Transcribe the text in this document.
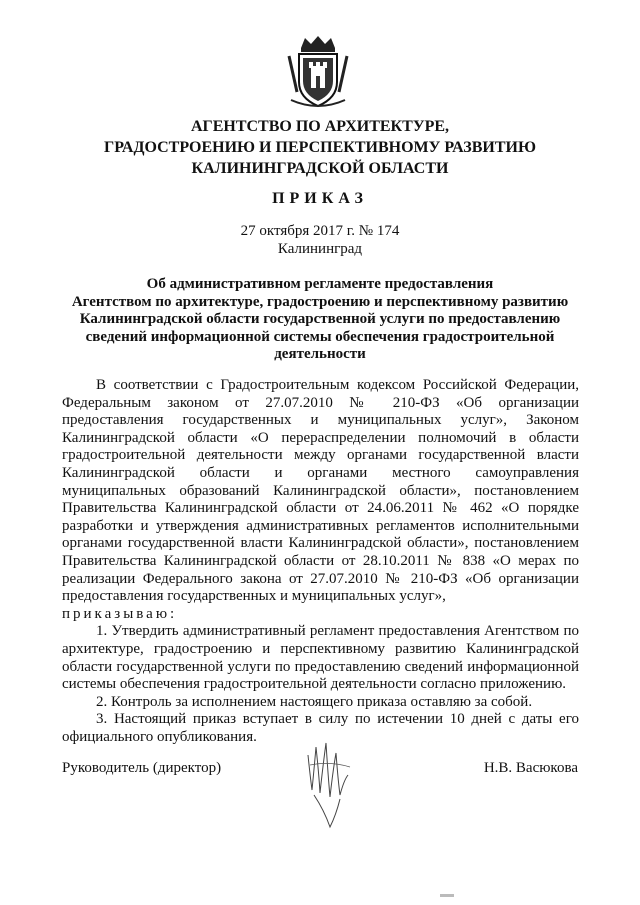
АГЕНТСТВО ПО АРХИТЕКТУРЕ,
ГРАДОСТРОЕНИЮ И ПЕРСПЕКТИВНОМУ РАЗВИТИЮ
КАЛИНИНГРАДСКОЙ ОБЛАСТИ
ПРИКАЗ
27 октября 2017 г. № 174
Калининград
Об административном регламенте предоставления
Агентством по архитектуре, градостроению и перспективному развитию
Калининградской области государственной услуги по предоставлению
сведений информационной системы обеспечения градостроительной
деятельности

В соответствии с Градостроительным кодексом Российской Федерации, Федеральным законом от 27.07.2010 № 210-ФЗ «Об организации предоставления государственных и муниципальных услуг», Законом Калининградской области «О перераспределении полномочий в области градостроительной деятельности между органами государственной власти Калининградской области и органами местного самоуправления муниципальных образований Калининградской области», постановлением Правительства Калининградской области от 24.06.2011 № 462 «О порядке разработки и утверждения административных регламентов исполнительными органами государственной власти Калининградской области», постановлением Правительства Калининградской области от 28.10.2011 № 838 «О мерах по реализации Федерального закона от 27.07.2010 № 210-ФЗ «Об организации предоставления государственных и муниципальных услуг»,

приказываю:

1. Утвердить административный регламент предоставления Агентством по архитектуре, градостроению и перспективному развитию Калининградской области государственной услуги по предоставлению сведений информационной системы обеспечения градостроительной деятельности согласно приложению.

2. Контроль за исполнением настоящего приказа оставляю за собой.

3. Настоящий приказ вступает в силу по истечении 10 дней с даты его официального опубликования.

Руководитель (директор)	Н.В. Васюкова
